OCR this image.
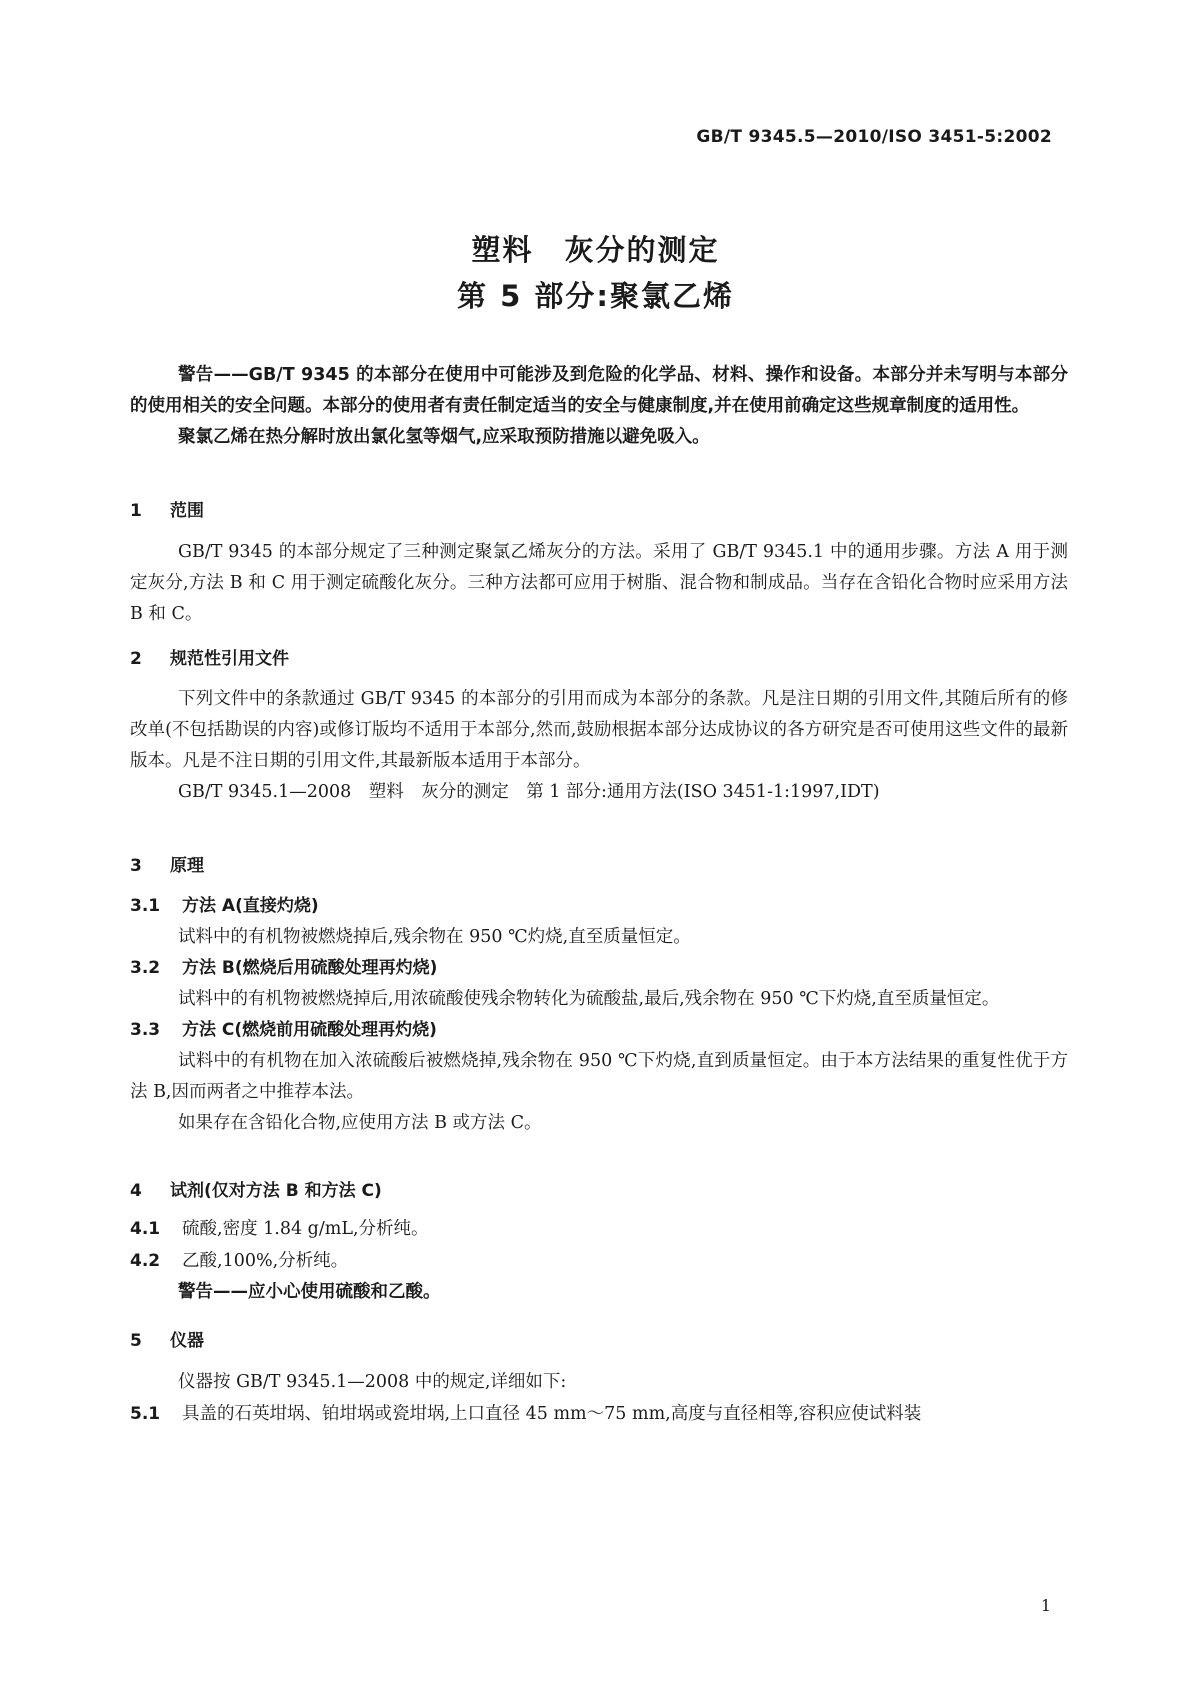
GB/T 9345.5—2010/ISO 3451-5:2002
塑料　灰分的测定
第 5 部分:聚氯乙烯

警告——GB/T 9345 的本部分在使用中可能涉及到危险的化学品、材料、操作和设备。本部分并未写明与本部分的使用相关的安全问题。本部分的使用者有责任制定适当的安全与健康制度,并在使用前确定这些规章制度的适用性。

聚氯乙烯在热分解时放出氯化氢等烟气,应采取预防措施以避免吸入。

1 范围

GB/T 9345 的本部分规定了三种测定聚氯乙烯灰分的方法。采用了 GB/T 9345.1 中的通用步骤。方法 A 用于测定灰分,方法 B 和 C 用于测定硫酸化灰分。三种方法都可应用于树脂、混合物和制成品。当存在含铅化合物时应采用方法 B 和 C。

2 规范性引用文件

下列文件中的条款通过 GB/T 9345 的本部分的引用而成为本部分的条款。凡是注日期的引用文件,其随后所有的修改单(不包括勘误的内容)或修订版均不适用于本部分,然而,鼓励根据本部分达成协议的各方研究是否可使用这些文件的最新版本。凡是不注日期的引用文件,其最新版本适用于本部分。

GB/T 9345.1—2008　塑料　灰分的测定　第 1 部分:通用方法(ISO 3451-1:1997,IDT)

3 原理

3.1 方法 A(直接灼烧)

试料中的有机物被燃烧掉后,残余物在 950 ℃灼烧,直至质量恒定。

3.2 方法 B(燃烧后用硫酸处理再灼烧)

试料中的有机物被燃烧掉后,用浓硫酸使残余物转化为硫酸盐,最后,残余物在 950 ℃下灼烧,直至质量恒定。

3.3 方法 C(燃烧前用硫酸处理再灼烧)

试料中的有机物在加入浓硫酸后被燃烧掉,残余物在 950 ℃下灼烧,直到质量恒定。由于本方法结果的重复性优于方法 B,因而两者之中推荐本法。

如果存在含铅化合物,应使用方法 B 或方法 C。

4 试剂(仅对方法 B 和方法 C)

4.1 硫酸,密度 1.84 g/mL,分析纯。

4.2 乙酸,100%,分析纯。

警告——应小心使用硫酸和乙酸。

5 仪器

仪器按 GB/T 9345.1—2008 中的规定,详细如下:

5.1 具盖的石英坩埚、铂坩埚或瓷坩埚,上口直径 45 mm～75 mm,高度与直径相等,容积应使试料装

1
